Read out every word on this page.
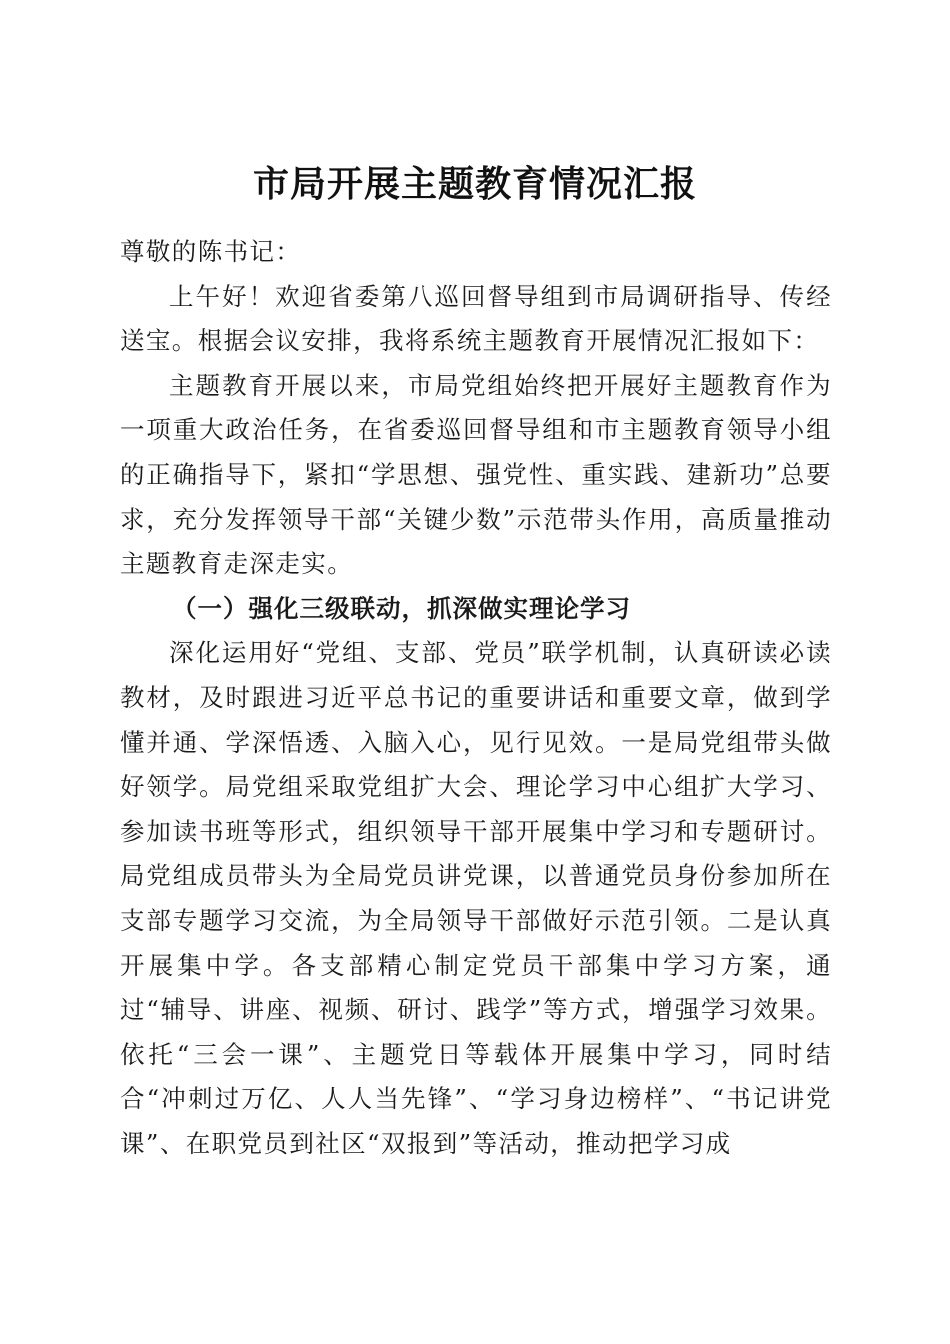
市局开展主题教育情况汇报

尊敬的陈书记：

上午好！欢迎省委第八巡回督导组到市局调研指导、传经送宝。根据会议安排，我将系统主题教育开展情况汇报如下：

主题教育开展以来，市局党组始终把开展好主题教育作为一项重大政治任务，在省委巡回督导组和市主题教育领导小组的正确指导下，紧扣“学思想、强党性、重实践、建新功”总要求，充分发挥领导干部“关键少数”示范带头作用，高质量推动主题教育走深走实。

（一）强化三级联动，抓深做实理论学习

深化运用好“党组、支部、党员”联学机制，认真研读必读教材，及时跟进习近平总书记的重要讲话和重要文章，做到学懂并通、学深悟透、入脑入心，见行见效。一是局党组带头做好领学。局党组采取党组扩大会、理论学习中心组扩大学习、参加读书班等形式，组织领导干部开展集中学习和专题研讨。局党组成员带头为全局党员讲党课，以普通党员身份参加所在支部专题学习交流，为全局领导干部做好示范引领。二是认真开展集中学。各支部精心制定党员干部集中学习方案，通过“辅导、讲座、视频、研讨、践学”等方式，增强学习效果。依托“三会一课”、主题党日等载体开展集中学习，同时结合“冲刺过万亿、人人当先锋”、“学习身边榜样”、“书记讲党课”、在职党员到社区“双报到”等活动，推动把学习成
